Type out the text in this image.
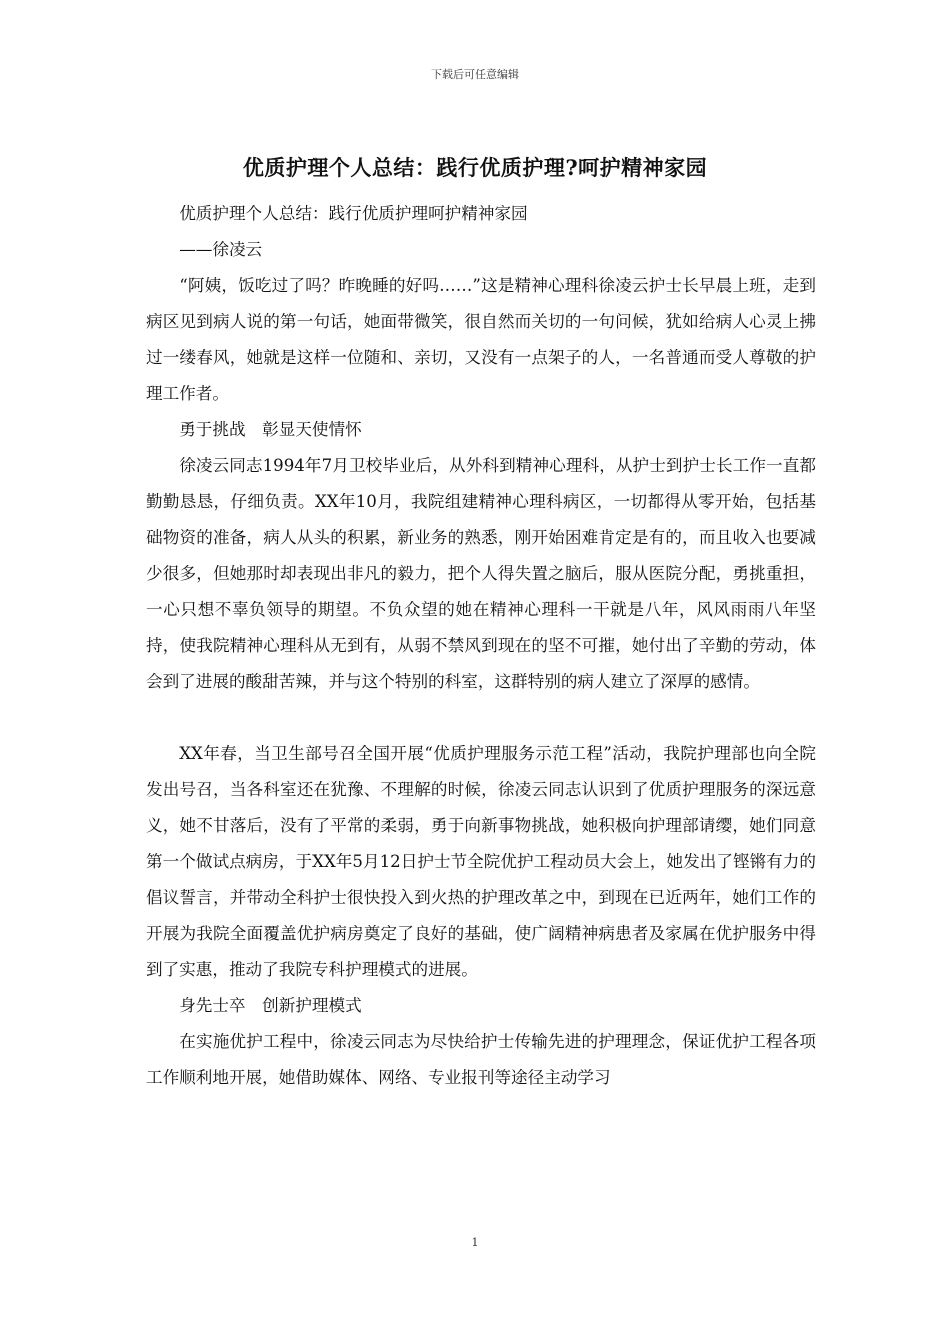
下载后可任意编辑
优质护理个人总结：践行优质护理?呵护精神家园

优质护理个人总结：践行优质护理呵护精神家园

——徐凌云

“阿姨，饭吃过了吗？昨晚睡的好吗……”这是精神心理科徐凌云护士长早晨上班，走到病区见到病人说的第一句话，她面带微笑，很自然而关切的一句问候，犹如给病人心灵上拂过一缕春风，她就是这样一位随和、亲切，又没有一点架子的人，一名普通而受人尊敬的护理工作者。

勇于挑战　彰显天使情怀

徐凌云同志1994年7月卫校毕业后，从外科到精神心理科，从护士到护士长工作一直都勤勤恳恳，仔细负责。XX年10月，我院组建精神心理科病区，一切都得从零开始，包括基础物资的准备，病人从头的积累，新业务的熟悉，刚开始困难肯定是有的，而且收入也要减少很多，但她那时却表现出非凡的毅力，把个人得失置之脑后，服从医院分配，勇挑重担，一心只想不辜负领导的期望。不负众望的她在精神心理科一干就是八年，风风雨雨八年坚持，使我院精神心理科从无到有，从弱不禁风到现在的坚不可摧，她付出了辛勤的劳动，体会到了进展的酸甜苦辣，并与这个特别的科室，这群特别的病人建立了深厚的感情。

XX年春，当卫生部号召全国开展“优质护理服务示范工程”活动，我院护理部也向全院发出号召，当各科室还在犹豫、不理解的时候，徐凌云同志认识到了优质护理服务的深远意义，她不甘落后，没有了平常的柔弱，勇于向新事物挑战，她积极向护理部请缨，她们同意第一个做试点病房，于XX年5月12日护士节全院优护工程动员大会上，她发出了铿锵有力的倡议誓言，并带动全科护士很快投入到火热的护理改革之中，到现在已近两年，她们工作的开展为我院全面覆盖优护病房奠定了良好的基础，使广阔精神病患者及家属在优护服务中得到了实惠，推动了我院专科护理模式的进展。

身先士卒　创新护理模式

在实施优护工程中，徐凌云同志为尽快给护士传输先进的护理理念，保证优护工程各项工作顺利地开展，她借助媒体、网络、专业报刊等途径主动学习

1
